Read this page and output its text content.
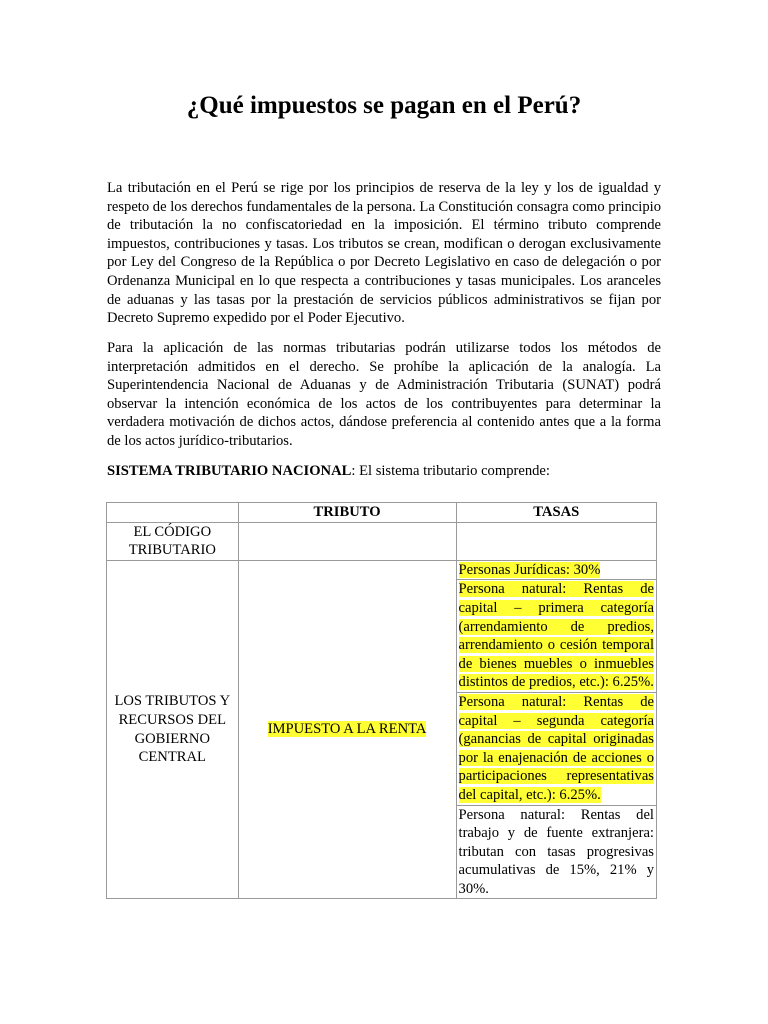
¿Qué impuestos se pagan en el Perú?

La tributación en el Perú se rige por los principios de reserva de la ley y los de igualdad y respeto de los derechos fundamentales de la persona. La Constitución consagra como principio de tributación la no confiscatoriedad en la imposición. El término tributo comprende impuestos, contribuciones y tasas. Los tributos se crean, modifican o derogan exclusivamente por Ley del Congreso de la República o por Decreto Legislativo en caso de delegación o por Ordenanza Municipal en lo que respecta a contribuciones y tasas municipales. Los aranceles de aduanas y las tasas por la prestación de servicios públicos administrativos se fijan por Decreto Supremo expedido por el Poder Ejecutivo.

Para la aplicación de las normas tributarias podrán utilizarse todos los métodos de interpretación admitidos en el derecho. Se prohíbe la aplicación de la analogía. La Superintendencia Nacional de Aduanas y de Administración Tributaria (SUNAT) podrá observar la intención económica de los actos de los contribuyentes para determinar la verdadera motivación de dichos actos, dándose preferencia al contenido antes que a la forma de los actos jurídico-tributarios.

SISTEMA TRIBUTARIO NACIONAL: El sistema tributario comprende:

	TRIBUTO	TASAS
EL CÓDIGO TRIBUTARIO		
LOS TRIBUTOS Y RECURSOS DEL GOBIERNO CENTRAL	IMPUESTO A LA RENTA	Personas Jurídicas: 30%
		Persona natural: Rentas de capital – primera categoría (arrendamiento de predios, arrendamiento o cesión temporal de bienes muebles o inmuebles distintos de predios, etc.): 6.25%.
		Persona natural: Rentas de capital – segunda categoría (ganancias de capital originadas por la enajenación de acciones o participaciones representativas del capital, etc.): 6.25%.
		Persona natural: Rentas del trabajo y de fuente extranjera: tributan con tasas progresivas acumulativas de 15%, 21% y 30%.
